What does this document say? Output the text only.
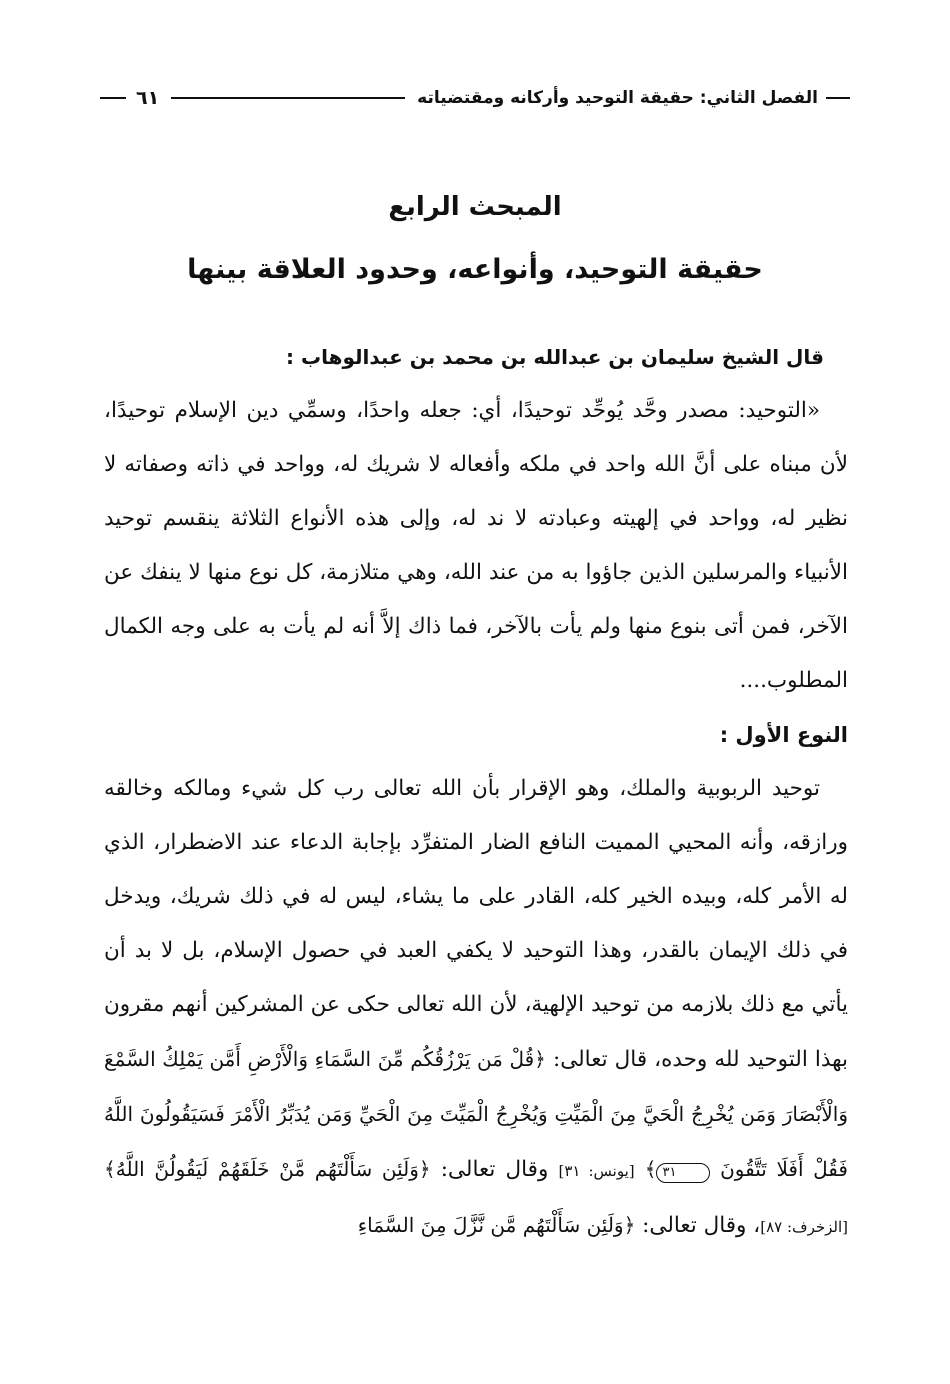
الفصل الثاني: حقيقة التوحيد وأركانه ومقتضياته
٦١
المبحث الرابع
حقيقة التوحيد، وأنواعه، وحدود العلاقة بينها

قال الشيخ سليمان بن عبدالله بن محمد بن عبدالوهاب :

«التوحيد: مصدر وحَّد يُوحِّد توحيدًا، أي: جعله واحدًا، وسمِّي دين الإسلام توحيدًا، لأن مبناه على أنَّ الله واحد في ملكه وأفعاله لا شريك له، وواحد في ذاته وصفاته لا نظير له، وواحد في إلهيته وعبادته لا ند له، وإلى هذه الأنواع الثلاثة ينقسم توحيد الأنبياء والمرسلين الذين جاؤوا به من عند الله، وهي متلازمة، كل نوع منها لا ينفك عن الآخر، فمن أتى بنوع منها ولم يأت بالآخر، فما ذاك إلاَّ أنه لم يأت به على وجه الكمال المطلوب....

النوع الأول :

توحيد الربوبية والملك، وهو الإقرار بأن الله تعالى رب كل شيء ومالكه وخالقه ورازقه، وأنه المحيي المميت النافع الضار المتفرِّد بإجابة الدعاء عند الاضطرار، الذي له الأمر كله، وبيده الخير كله، القادر على ما يشاء، ليس له في ذلك شريك، ويدخل في ذلك الإيمان بالقدر، وهذا التوحيد لا يكفي العبد في حصول الإسلام، بل لا بد أن يأتي مع ذلك بلازمه من توحيد الإلهية، لأن الله تعالى حكى عن المشركين أنهم مقرون بهذا التوحيد لله وحده، قال تعالى: ﴿قُلْ مَن يَرْزُقُكُم مِّنَ السَّمَاءِ وَالْأَرْضِ أَمَّن يَمْلِكُ السَّمْعَ وَالْأَبْصَارَ وَمَن يُخْرِجُ الْحَيَّ مِنَ الْمَيِّتِ وَيُخْرِجُ الْمَيِّتَ مِنَ الْحَيِّ وَمَن يُدَبِّرُ الْأَمْرَ فَسَيَقُولُونَ اللَّهُ فَقُلْ أَفَلَا تَتَّقُونَ ٣١﴾ [يونس: ٣١] وقال تعالى: ﴿وَلَئِن سَأَلْتَهُم مَّنْ خَلَقَهُمْ لَيَقُولُنَّ اللَّهُ﴾ [الزخرف: ٨٧]، وقال تعالى: ﴿وَلَئِن سَأَلْتَهُم مَّن نَّزَّلَ مِنَ السَّمَاءِ
